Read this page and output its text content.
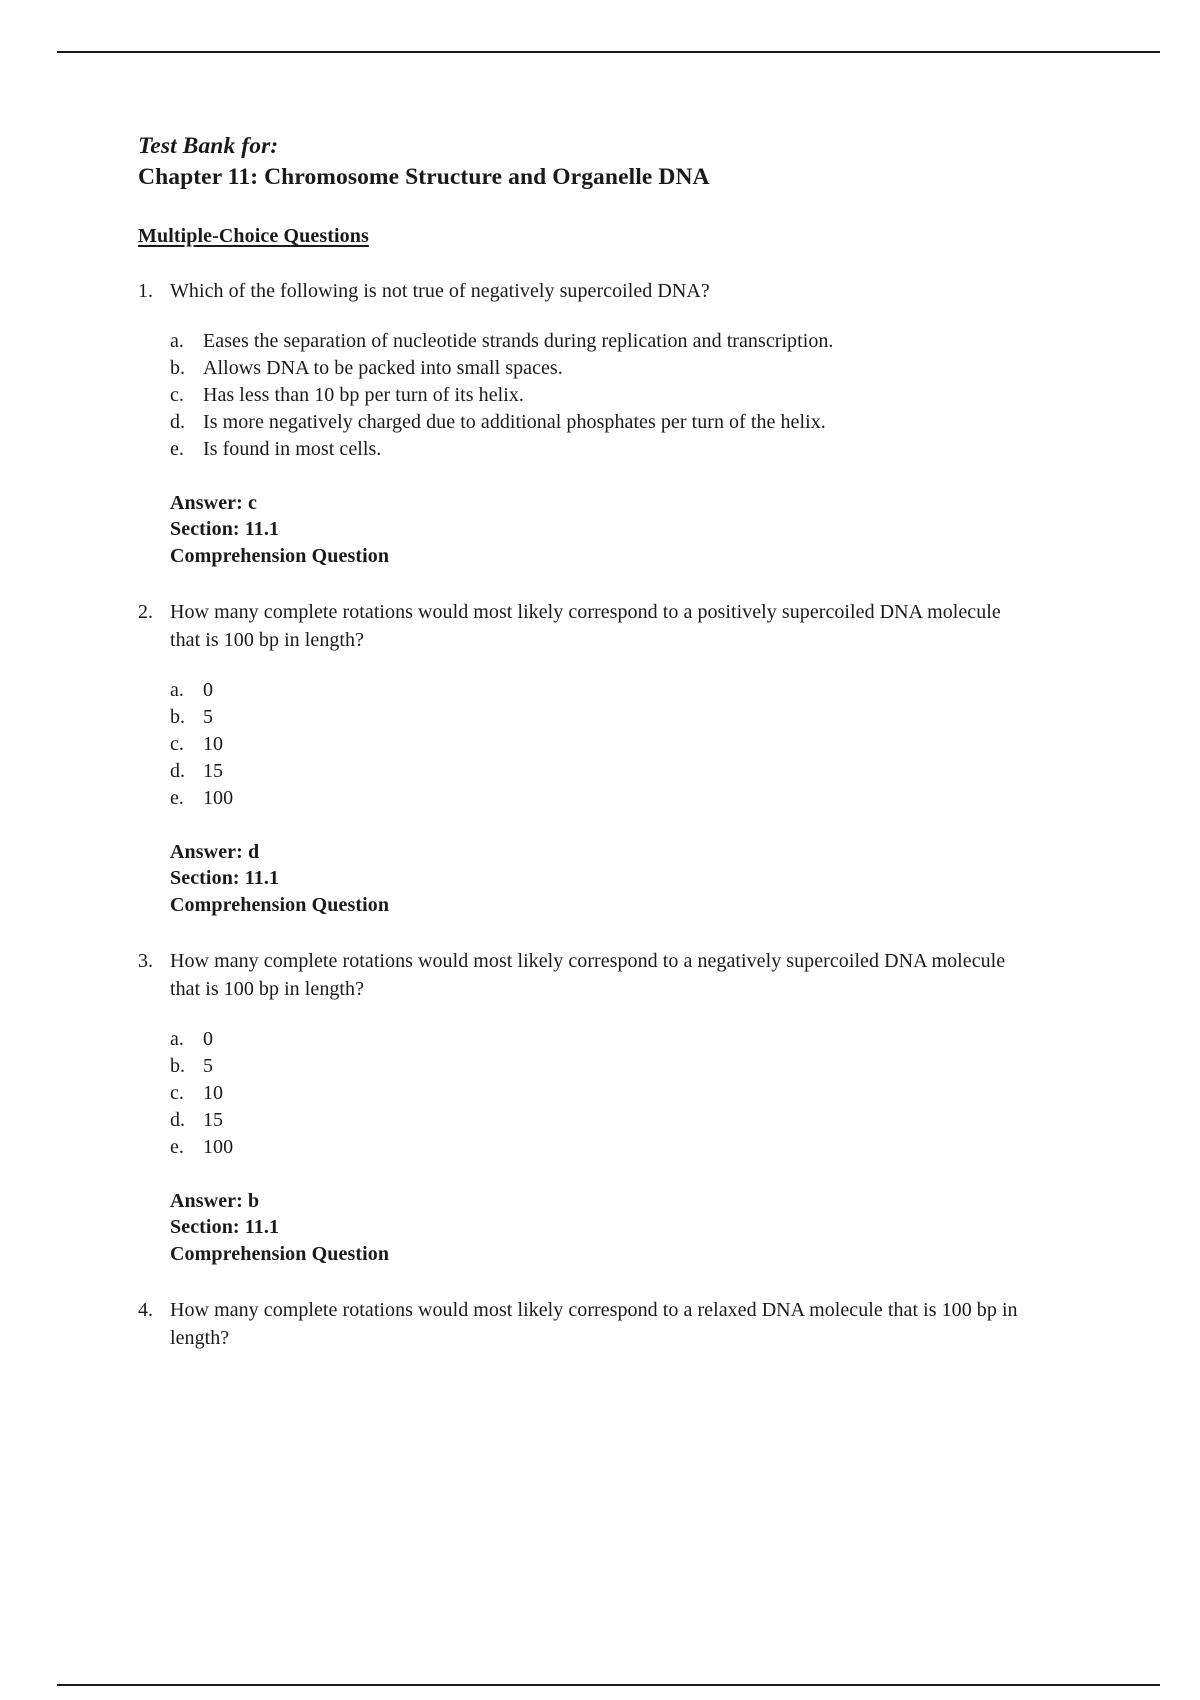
Test Bank for:
Chapter 11: Chromosome Structure and Organelle DNA
Multiple-Choice Questions
1. Which of the following is not true of negatively supercoiled DNA?
a. Eases the separation of nucleotide strands during replication and transcription.
b. Allows DNA to be packed into small spaces.
c. Has less than 10 bp per turn of its helix.
d. Is more negatively charged due to additional phosphates per turn of the helix.
e. Is found in most cells.
Answer: c
Section: 11.1
Comprehension Question
2. How many complete rotations would most likely correspond to a positively supercoiled DNA molecule that is 100 bp in length?
a. 0
b. 5
c. 10
d. 15
e. 100
Answer: d
Section: 11.1
Comprehension Question
3. How many complete rotations would most likely correspond to a negatively supercoiled DNA molecule that is 100 bp in length?
a. 0
b. 5
c. 10
d. 15
e. 100
Answer: b
Section: 11.1
Comprehension Question
4. How many complete rotations would most likely correspond to a relaxed DNA molecule that is 100 bp in length?
